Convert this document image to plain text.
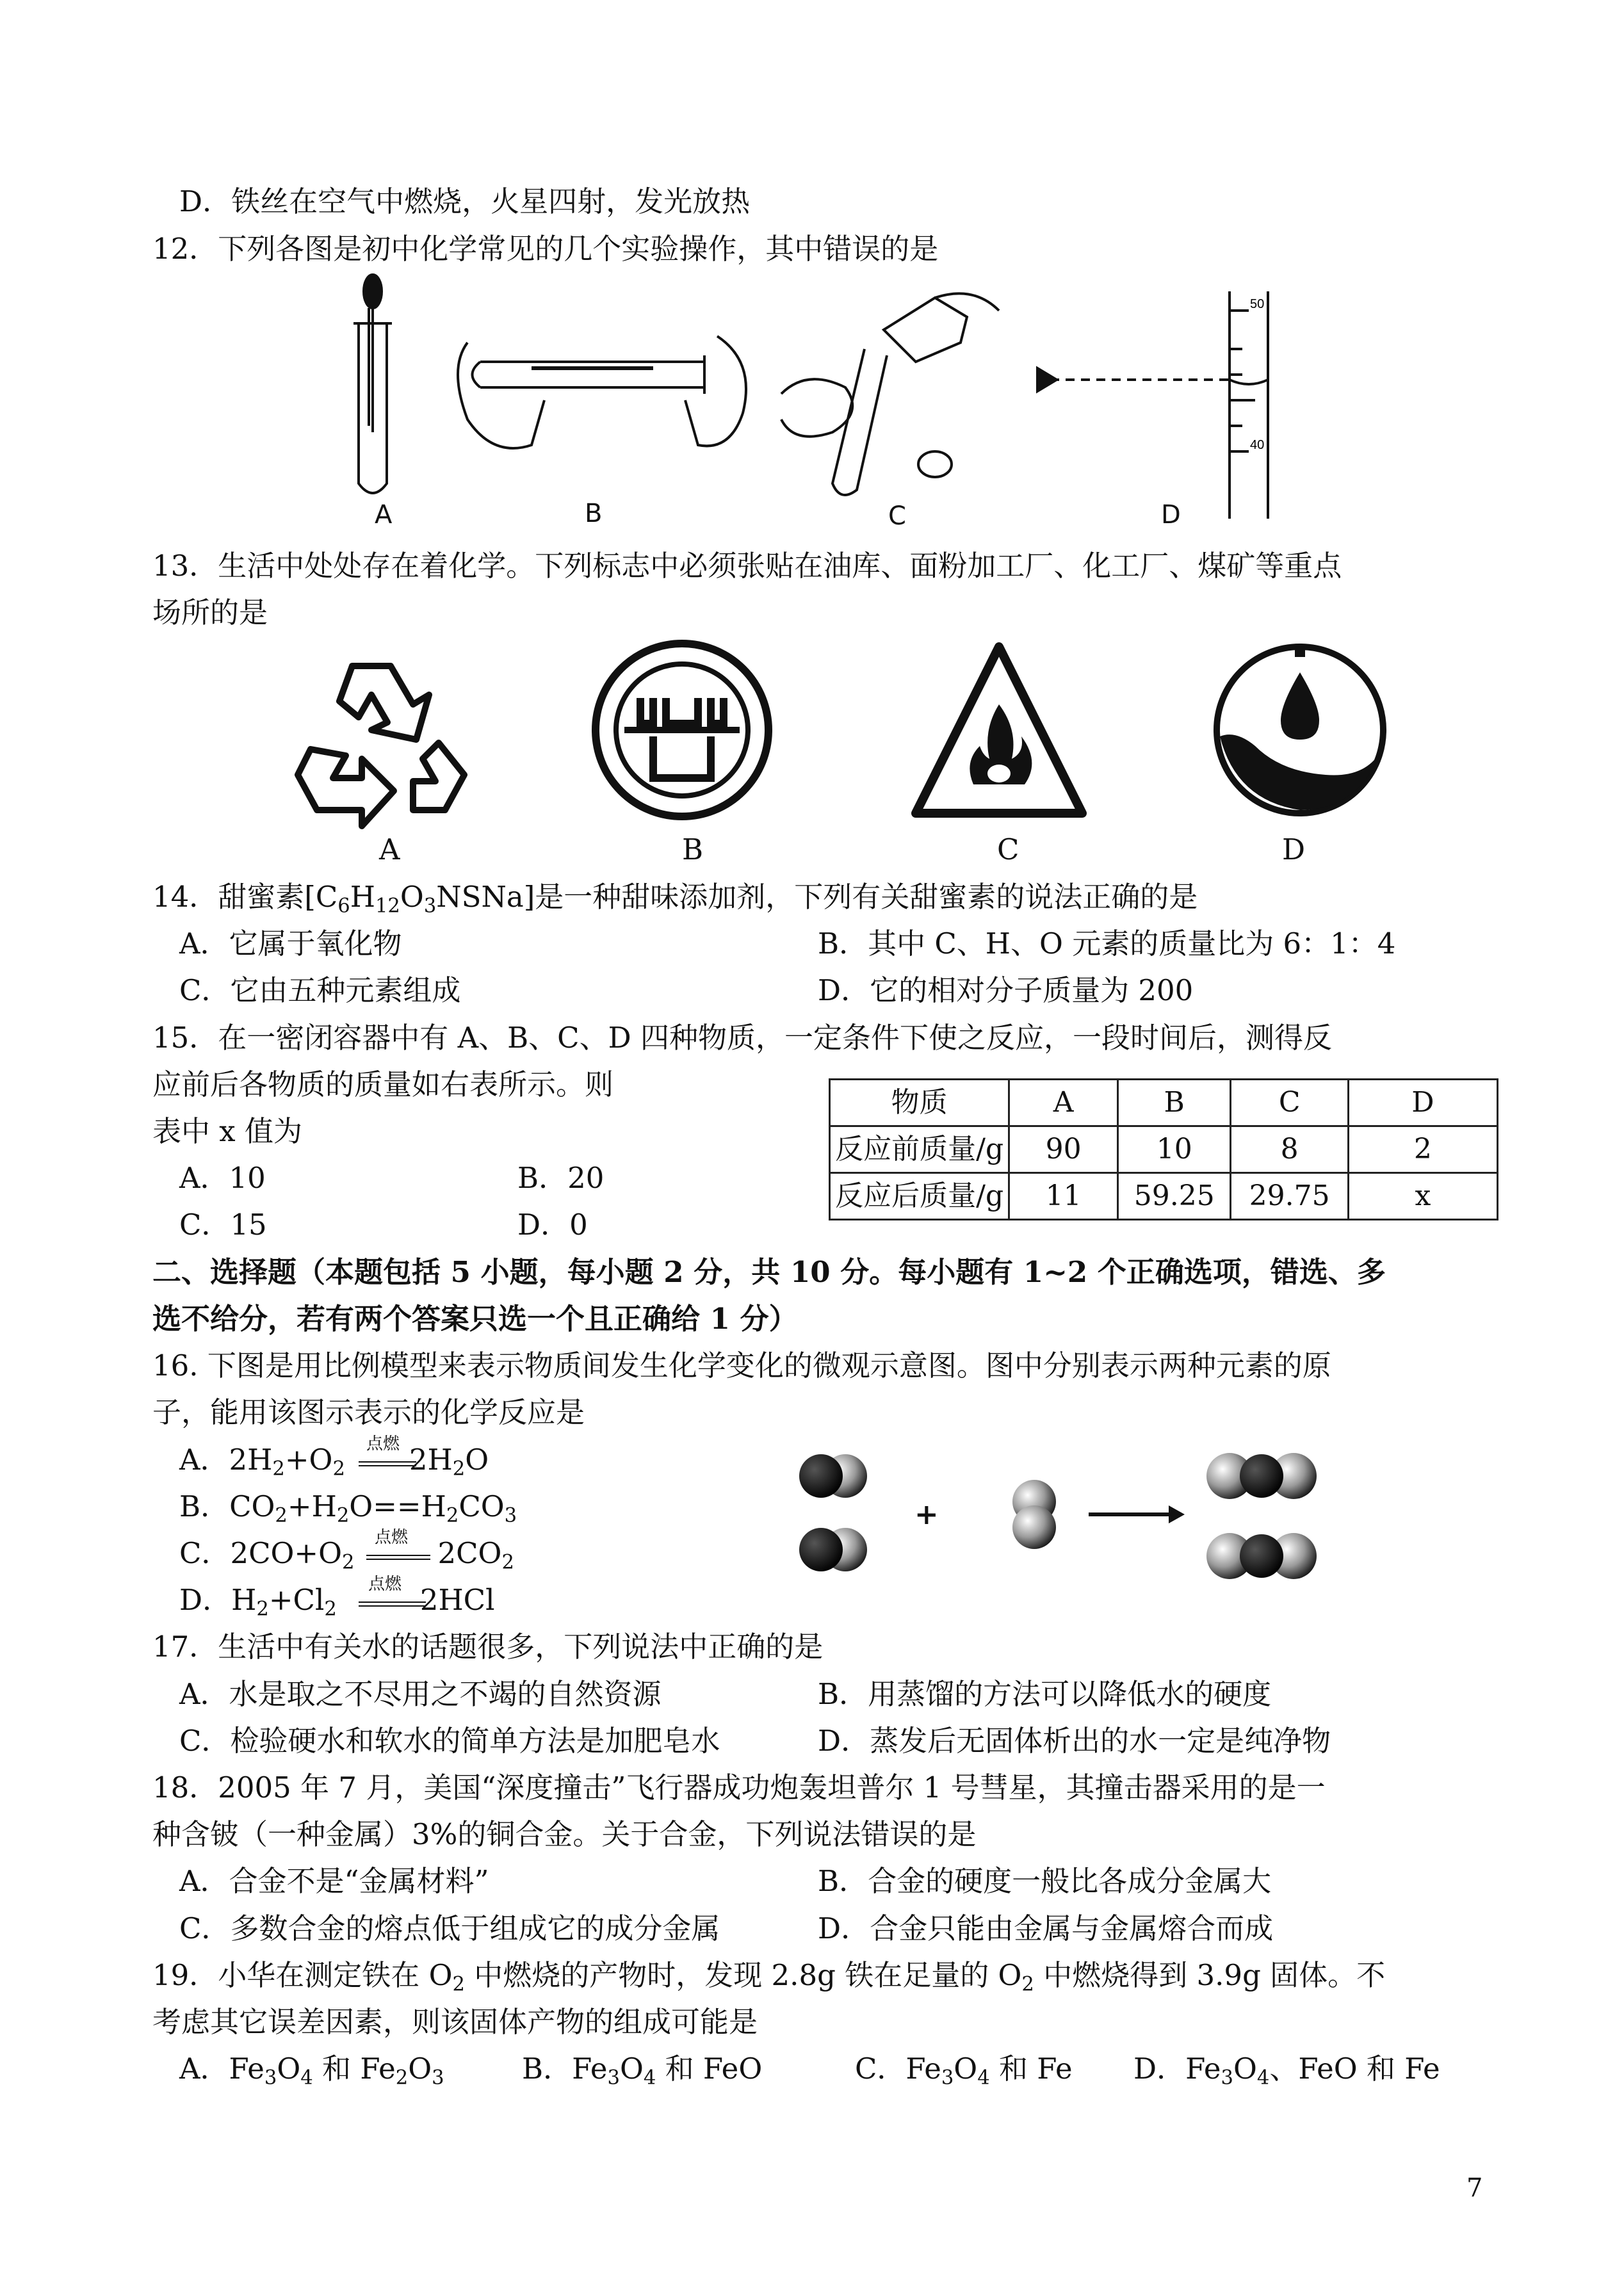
D．铁丝在空气中燃烧，火星四射，发光放热
12．下列各图是初中化学常见的几个实验操作，其中错误的是
50
40
A	B	C	D
13．生活中处处存在着化学。下列标志中必须张贴在油库、面粉加工厂、化工厂、煤矿等重点
场所的是
A	B	C	D
14．甜蜜素$[C_6H_{12}O_3NSNa]$是一种甜味添加剂，下列有关甜蜜素的说法正确的是
A．它属于氧化物	B．其中 C、H、O 元素的质量比为 6：1：4
C．它由五种元素组成	D．它的相对分子质量为 200
15．在一密闭容器中有 A、B、C、D 四种物质，一定条件下使之反应，一段时间后，测得反
应前后各物质的质量如右表所示。则
表中 x 值为
A．10	B．20
C．15	D．0
物质	A	B	C	D
反应前质量/g	90	10	8	2
反应后质量/g	11	59.25	29.75	x
二、选择题（本题包括 5 小题，每小题 2 分，共 10 分。每小题有 1~2 个正确选项，错选、多
选不给分，若有两个答案只选一个且正确给 1 分）
16. 下图是用比例模型来表示物质间发生化学变化的微观示意图。图中分别表示两种元素的原
子，能用该图示表示的化学反应是
A．$2H_2+O_2$ $2H_2O$
点燃
B．$CO_2+H_2O==H_2CO_3$
C．$2CO+O_2$	$2CO_2$
点燃
D．$H_2+Cl_2$	2HCl
点燃
+
17．生活中有关水的话题很多，下列说法中正确的是
A．水是取之不尽用之不竭的自然资源	B．用蒸馏的方法可以降低水的硬度
C．检验硬水和软水的简单方法是加肥皂水	D．蒸发后无固体析出的水一定是纯净物
18．2005 年 7 月，美国“深度撞击”飞行器成功炮轰坦普尔 1 号彗星，其撞击器采用的是一
种含铍（一种金属）3%的铜合金。关于合金，下列说法错误的是
A．合金不是“金属材料”	B．合金的硬度一般比各成分金属大
C．多数合金的熔点低于组成它的成分金属	D．合金只能由金属与金属熔合而成
19．小华在测定铁在 $O_2$ 中燃烧的产物时，发现 2.8g 铁在足量的 $O_2$ 中燃烧得到 3.9g 固体。不
考虑其它误差因素，则该固体产物的组成可能是
A．$Fe_3O_4$ 和 $Fe_2O_3$	B．$Fe_3O_4$ 和 FeO	C．$Fe_3O_4$ 和 Fe D．$Fe_3O_4$、FeO 和 Fe
7
